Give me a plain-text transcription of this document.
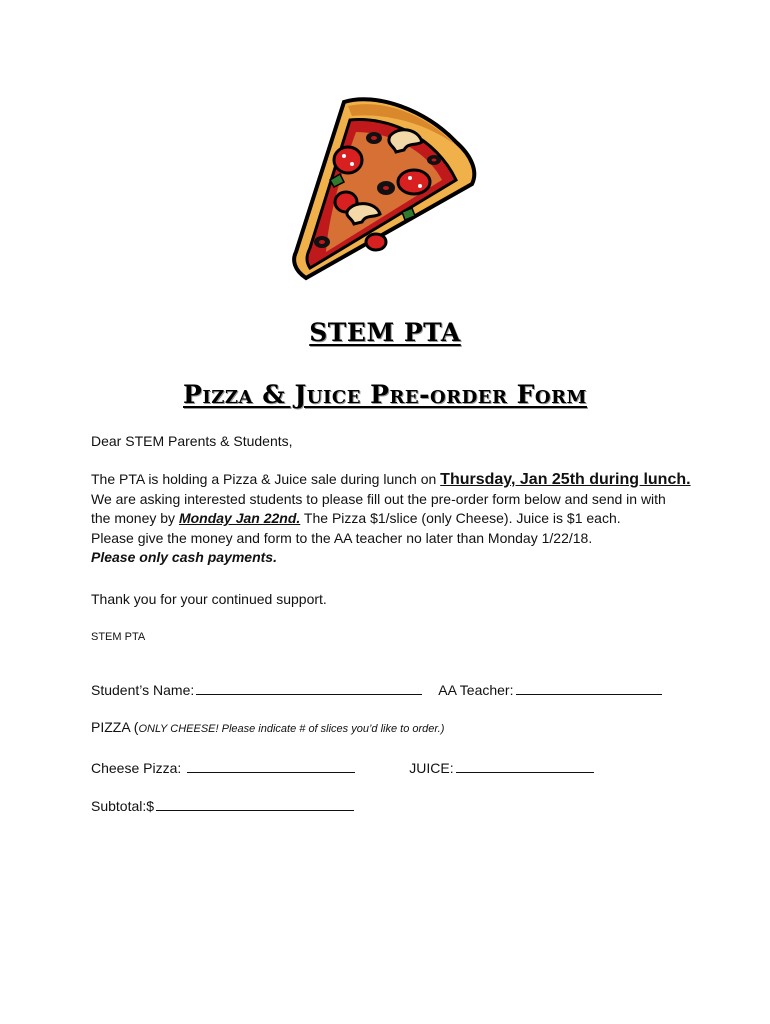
STEM PTA
Pizza & Juice Pre-order Form
Dear STEM Parents & Students,
The PTA is holding a Pizza & Juice sale during lunch on Thursday, Jan 25th during lunch.
We are asking interested students to please fill out the pre-order form below and send in with
the money by Monday Jan 22nd. The Pizza $1/slice (only Cheese). Juice is $1 each.
Please give the money and form to the AA teacher no later than Monday 1/22/18.
Please only cash payments.
Thank you for your continued support.
STEM PTA
Student’s Name:	AA Teacher:
PIZZA ( ONLY CHEESE! Please indicate # of slices you’d like to order.)
Cheese Pizza:	JUICE:
Subtotal:$
